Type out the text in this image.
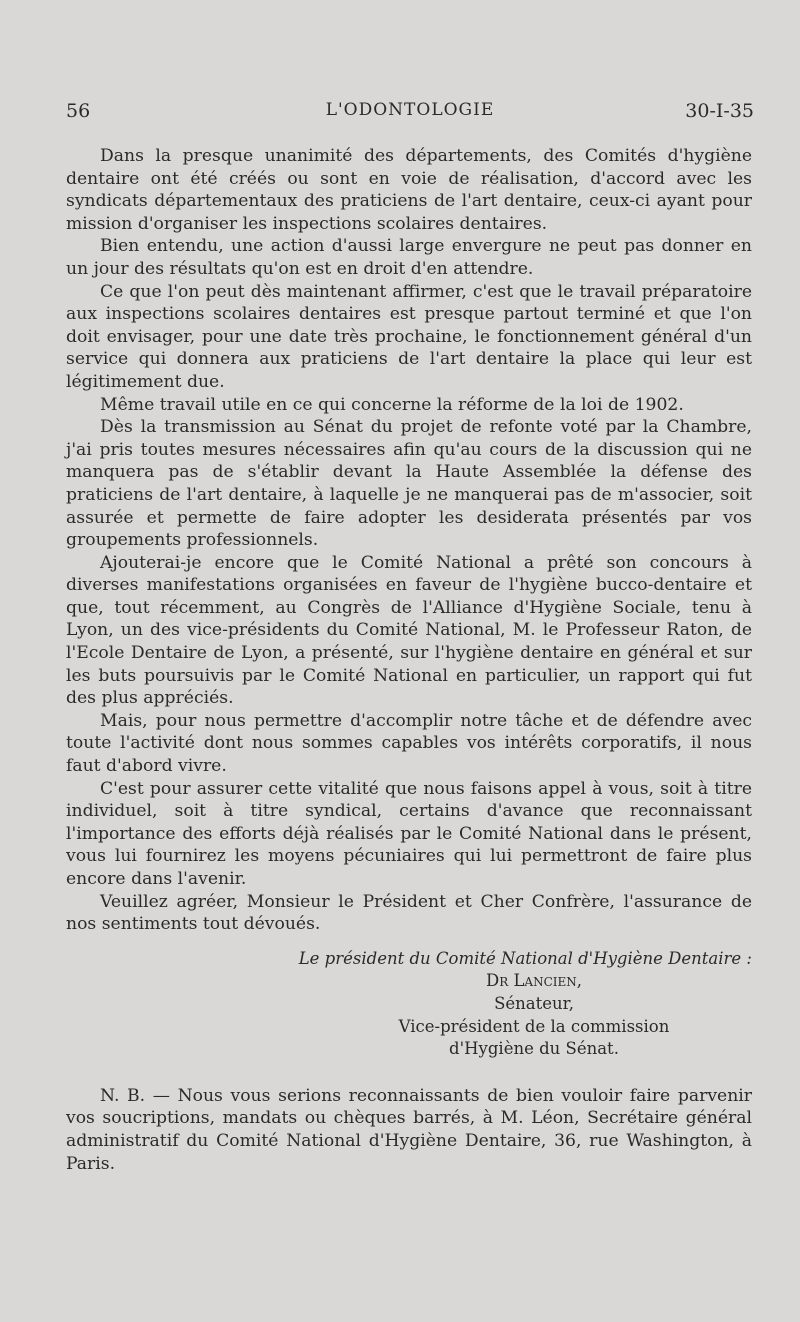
56	L'ODONTOLOGIE	30-I-35

Dans la presque unanimité des départements, des Comités d'hygiène dentaire ont été créés ou sont en voie de réalisation, d'accord avec les syndicats départementaux des praticiens de l'art dentaire, ceux-ci ayant pour mission d'organiser les inspections scolaires dentaires.

Bien entendu, une action d'aussi large envergure ne peut pas donner en un jour des résultats qu'on est en droit d'en attendre.

Ce que l'on peut dès maintenant affirmer, c'est que le travail préparatoire aux inspections scolaires dentaires est presque partout terminé et que l'on doit envisager, pour une date très prochaine, le fonctionnement général d'un service qui donnera aux praticiens de l'art dentaire la place qui leur est légitimement due.

Même travail utile en ce qui concerne la réforme de la loi de 1902.

Dès la transmission au Sénat du projet de refonte voté par la Chambre, j'ai pris toutes mesures nécessaires afin qu'au cours de la discussion qui ne manquera pas de s'établir devant la Haute Assemblée la défense des praticiens de l'art dentaire, à laquelle je ne manquerai pas de m'associer, soit assurée et permette de faire adopter les desiderata présentés par vos groupements professionnels.

Ajouterai-je encore que le Comité National a prêté son concours à diverses manifestations organisées en faveur de l'hygiène bucco-dentaire et que, tout récemment, au Congrès de l'Alliance d'Hygiène Sociale, tenu à Lyon, un des vice-présidents du Comité National, M. le Professeur Raton, de l'Ecole Dentaire de Lyon, a présenté, sur l'hygiène dentaire en général et sur les buts poursuivis par le Comité National en particulier, un rapport qui fut des plus appréciés.

Mais, pour nous permettre d'accomplir notre tâche et de défendre avec toute l'activité dont nous sommes capables vos intérêts corporatifs, il nous faut d'abord vivre.

C'est pour assurer cette vitalité que nous faisons appel à vous, soit à titre individuel, soit à titre syndical, certains d'avance que reconnaissant l'importance des efforts déjà réalisés par le Comité National dans le présent, vous lui fournirez les moyens pécuniaires qui lui permettront de faire plus encore dans l'avenir.

Veuillez agréer, Monsieur le Président et Cher Confrère, l'assurance de nos sentiments tout dévoués.

Le président du Comité National d'Hygiène Dentaire :
Dr Lancien,
Sénateur,
Vice-président de la commission
d'Hygiène du Sénat.

N. B. — Nous vous serions reconnaissants de bien vouloir faire parvenir vos soucriptions, mandats ou chèques barrés, à M. Léon, Secrétaire général administratif du Comité National d'Hygiène Dentaire, 36, rue Washington, à Paris.
